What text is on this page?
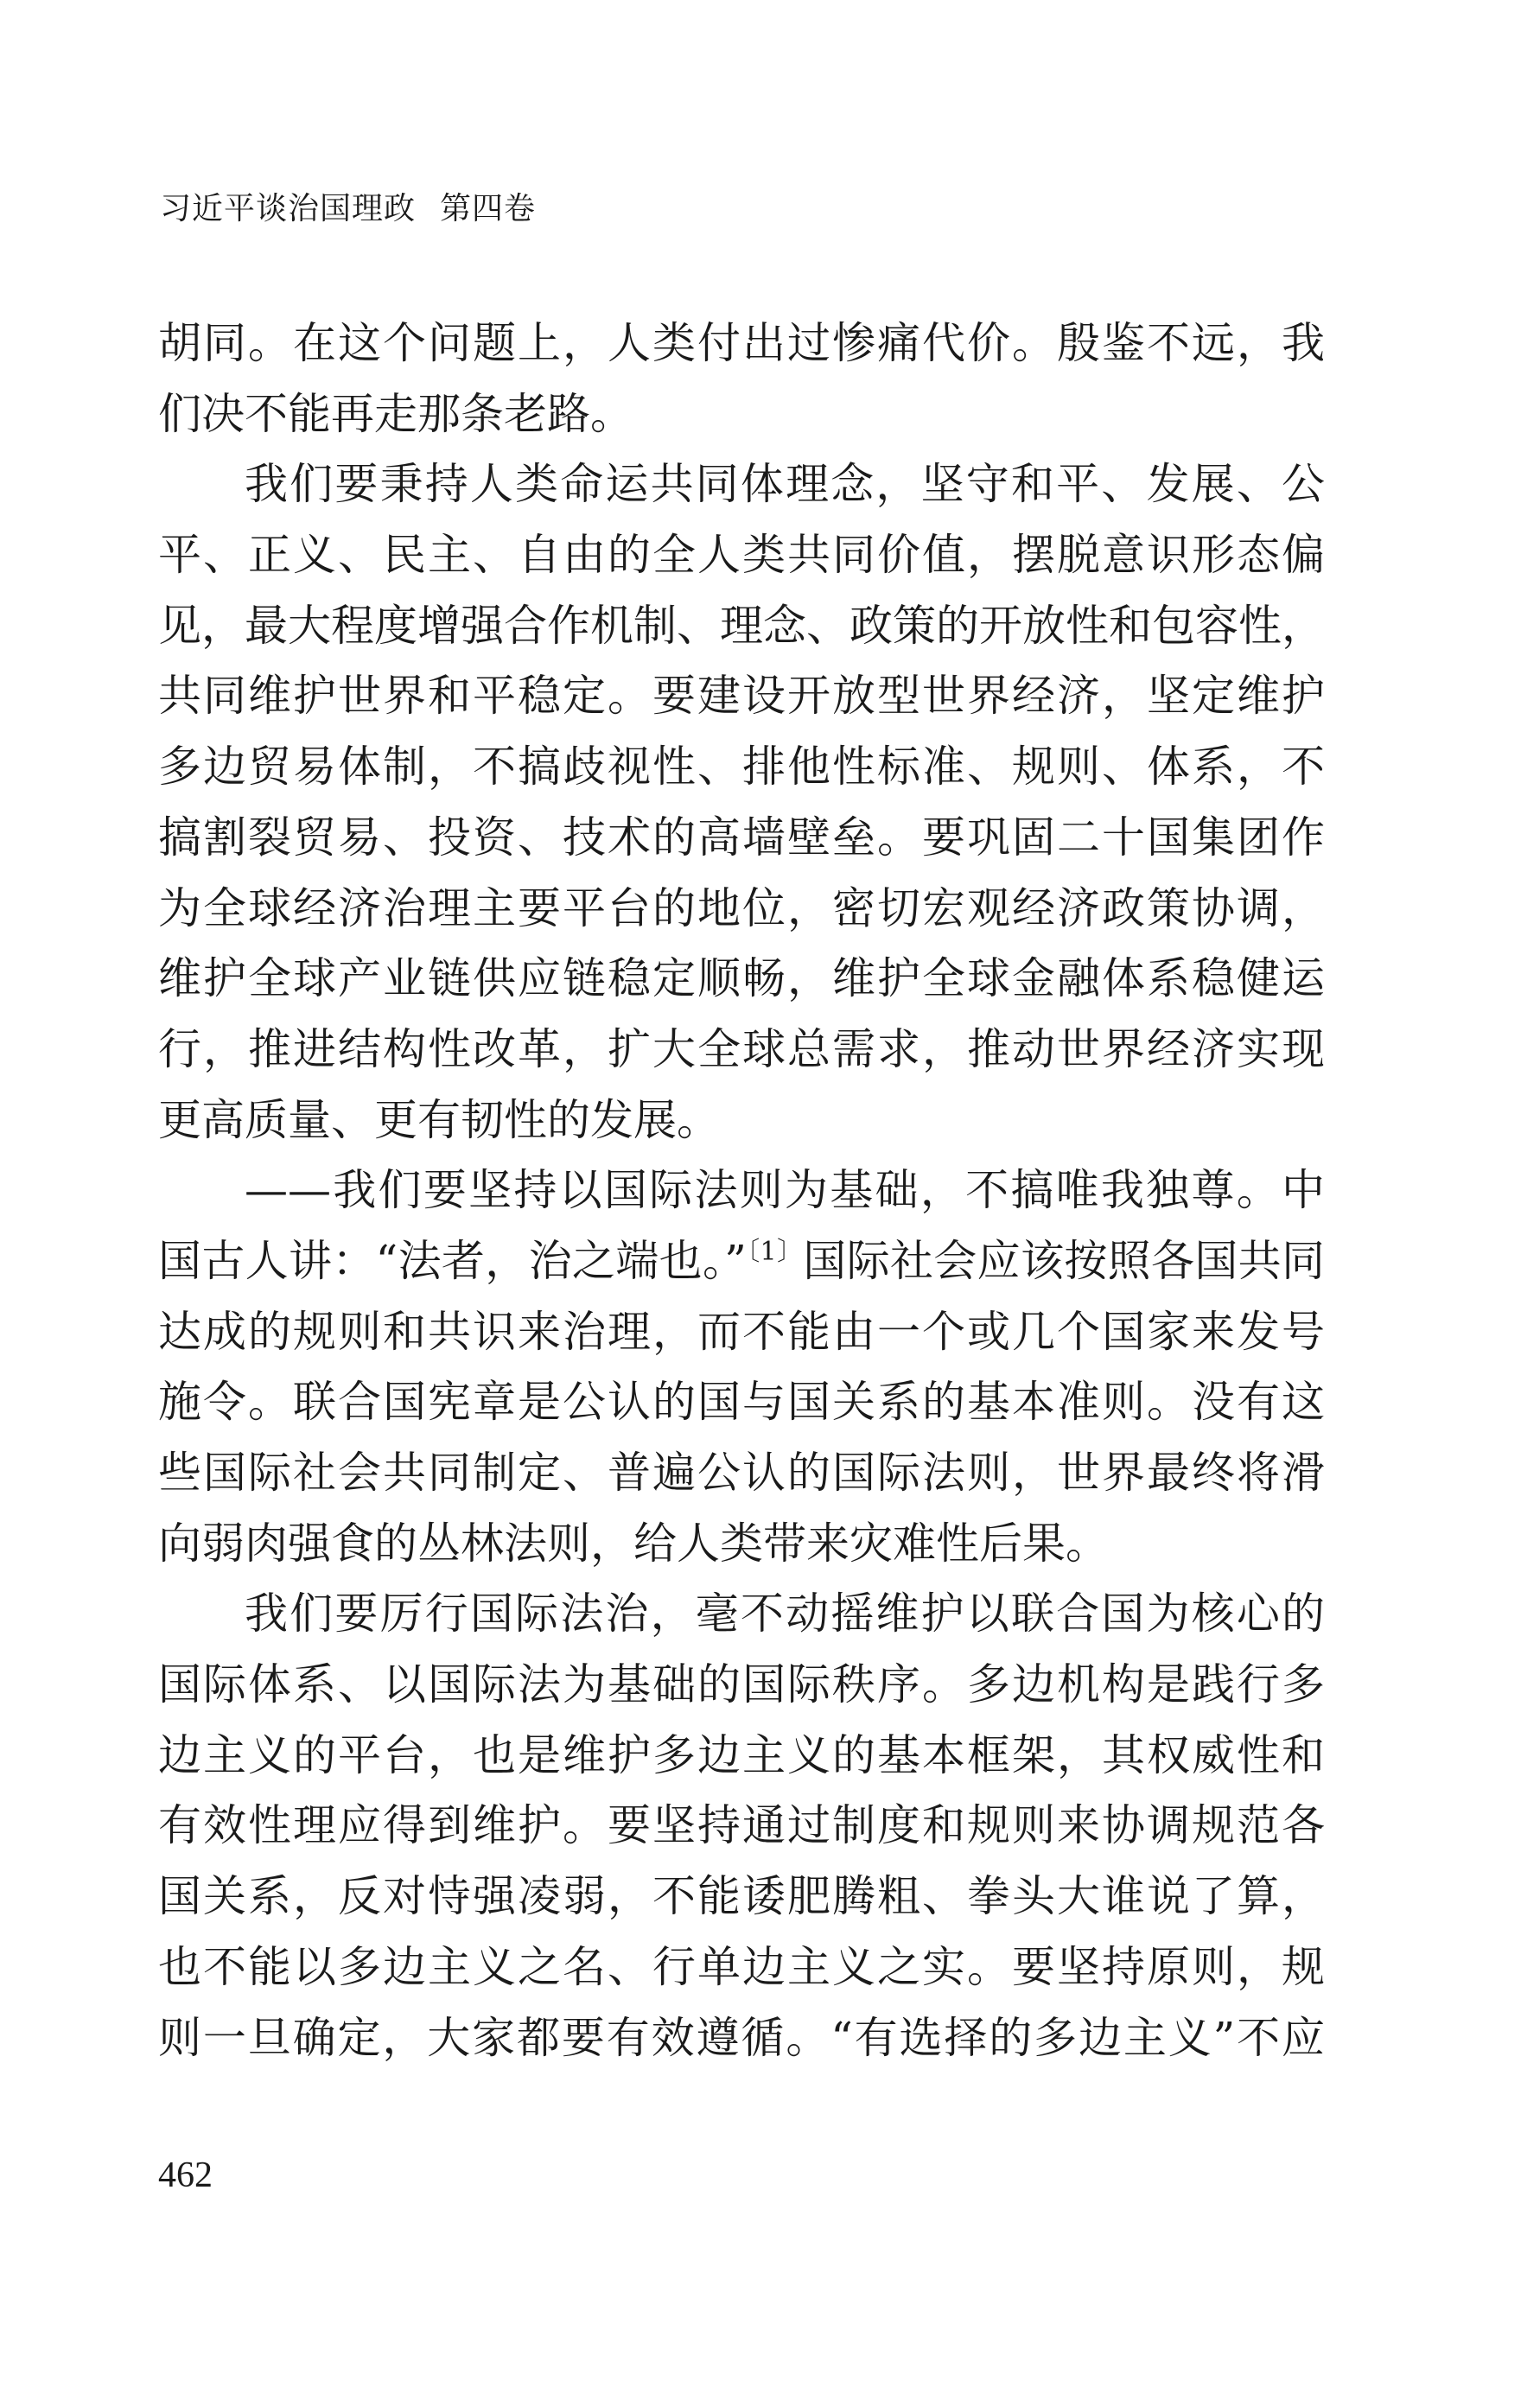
习近平谈治国理政 第四卷
胡同。在这个问题上，人类付出过惨痛代价。殷鉴不远，我
们决不能再走那条老路。
我们要秉持人类命运共同体理念，坚守和平、发展、公
平、正义、民主、自由的全人类共同价值，摆脱意识形态偏
见，最大程度增强合作机制、理念、政策的开放性和包容性，
共同维护世界和平稳定。要建设开放型世界经济，坚定维护
多边贸易体制，不搞歧视性、排他性标准、规则、体系，不
搞割裂贸易、投资、技术的高墙壁垒。要巩固二十国集团作
为全球经济治理主要平台的地位，密切宏观经济政策协调，
维护全球产业链供应链稳定顺畅，维护全球金融体系稳健运
行，推进结构性改革，扩大全球总需求，推动世界经济实现
更高质量、更有韧性的发展。
——我们要坚持以国际法则为基础，不搞唯我独尊。中
国古人讲：“法者，治之端也。”$^{〔1〕}$国际社会应该按照各国共同
达成的规则和共识来治理，而不能由一个或几个国家来发号
施令。联合国宪章是公认的国与国关系的基本准则。没有这
些国际社会共同制定、普遍公认的国际法则，世界最终将滑
向弱肉强食的丛林法则，给人类带来灾难性后果。
我们要厉行国际法治，毫不动摇维护以联合国为核心的
国际体系、以国际法为基础的国际秩序。多边机构是践行多
边主义的平台，也是维护多边主义的基本框架，其权威性和
有效性理应得到维护。要坚持通过制度和规则来协调规范各
国关系，反对恃强凌弱，不能诿肥腾粗、拳头大谁说了算，
也不能以多边主义之名、行单边主义之实。要坚持原则，规
则一旦确定，大家都要有效遵循。“有选择的多边主义”不应
462
